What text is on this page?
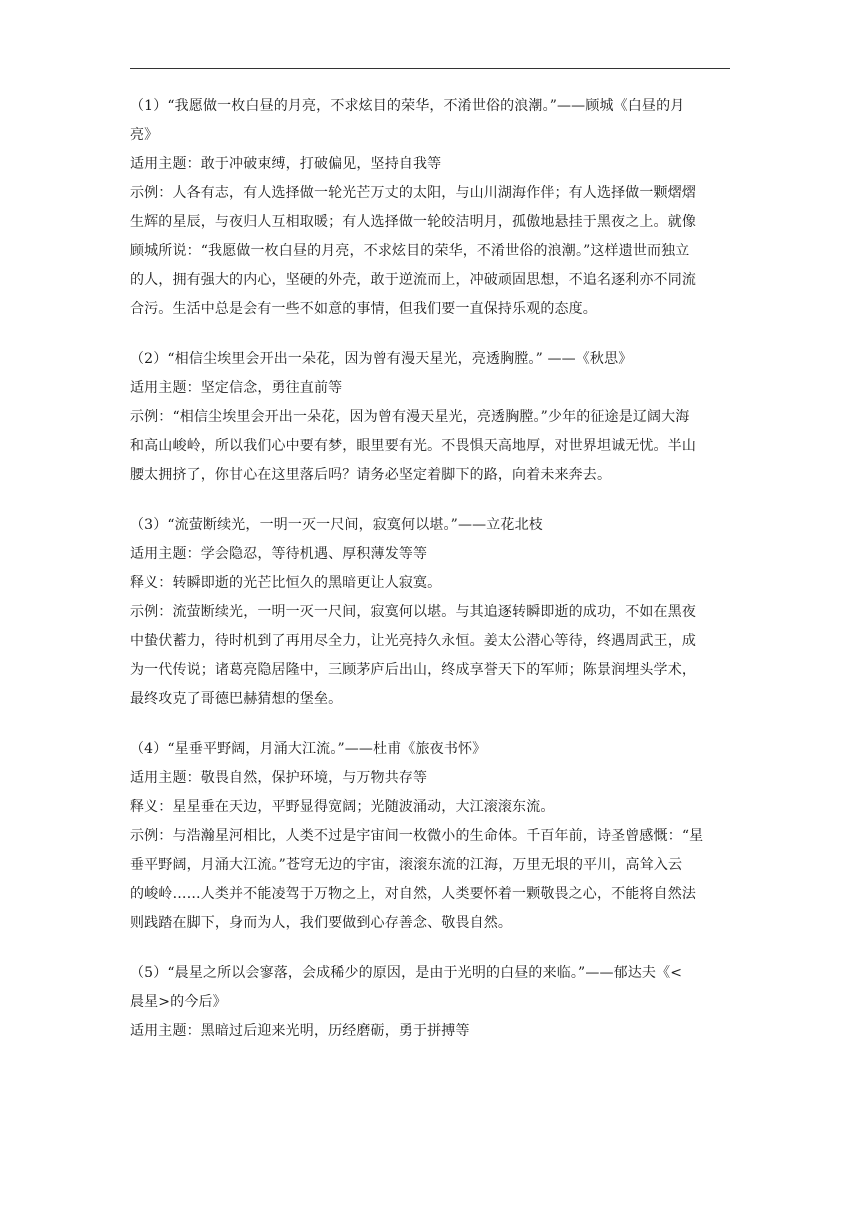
（1）“我愿做一枚白昼的月亮，不求炫目的荣华，不淆世俗的浪潮。”——顾城《白昼的月
亮》
适用主题：敢于冲破束缚，打破偏见，坚持自我等
示例：人各有志，有人选择做一轮光芒万丈的太阳，与山川湖海作伴；有人选择做一颗熠熠
生辉的星辰，与夜归人互相取暖；有人选择做一轮皎洁明月，孤傲地悬挂于黑夜之上。就像
顾城所说：“我愿做一枚白昼的月亮，不求炫目的荣华，不淆世俗的浪潮。”这样遗世而独立
的人，拥有强大的内心，坚硬的外壳，敢于逆流而上，冲破顽固思想，不追名逐利亦不同流
合污。生活中总是会有一些不如意的事情，但我们要一直保持乐观的态度。
（2）“相信尘埃里会开出一朵花，因为曾有漫天星光，亮透胸膛。” ——《秋思》
适用主题：坚定信念，勇往直前等
示例：“相信尘埃里会开出一朵花，因为曾有漫天星光，亮透胸膛。”少年的征途是辽阔大海
和高山峻岭，所以我们心中要有梦，眼里要有光。不畏惧天高地厚，对世界坦诚无忧。半山
腰太拥挤了，你甘心在这里落后吗？请务必坚定着脚下的路，向着未来奔去。
（3）“流萤断续光，一明一灭一尺间，寂寞何以堪。”——立花北枝
适用主题：学会隐忍，等待机遇、厚积薄发等等
释义：转瞬即逝的光芒比恒久的黑暗更让人寂寞。
示例：流萤断续光，一明一灭一尺间，寂寞何以堪。与其追逐转瞬即逝的成功，不如在黑夜
中蛰伏蓄力，待时机到了再用尽全力，让光亮持久永恒。姜太公潜心等待，终遇周武王，成
为一代传说；诸葛亮隐居隆中，三顾茅庐后出山，终成享誉天下的军师；陈景润埋头学术，
最终攻克了哥德巴赫猜想的堡垒。
（4）“星垂平野阔，月涌大江流。”——杜甫《旅夜书怀》
适用主题：敬畏自然，保护环境，与万物共存等
释义：星星垂在天边，平野显得宽阔；光随波涌动，大江滚滚东流。
示例：与浩瀚星河相比，人类不过是宇宙间一枚微小的生命体。千百年前，诗圣曾感慨：“星
垂平野阔，月涌大江流。”苍穹无边的宇宙，滚滚东流的江海，万里无垠的平川，高耸入云
的峻岭……人类并不能凌驾于万物之上，对自然，人类要怀着一颗敬畏之心，不能将自然法
则践踏在脚下，身而为人，我们要做到心存善念、敬畏自然。
（5）“晨星之所以会寥落，会成稀少的原因，是由于光明的白昼的来临。”——郁达夫《<
晨星>的今后》
适用主题：黑暗过后迎来光明，历经磨砺，勇于拼搏等
